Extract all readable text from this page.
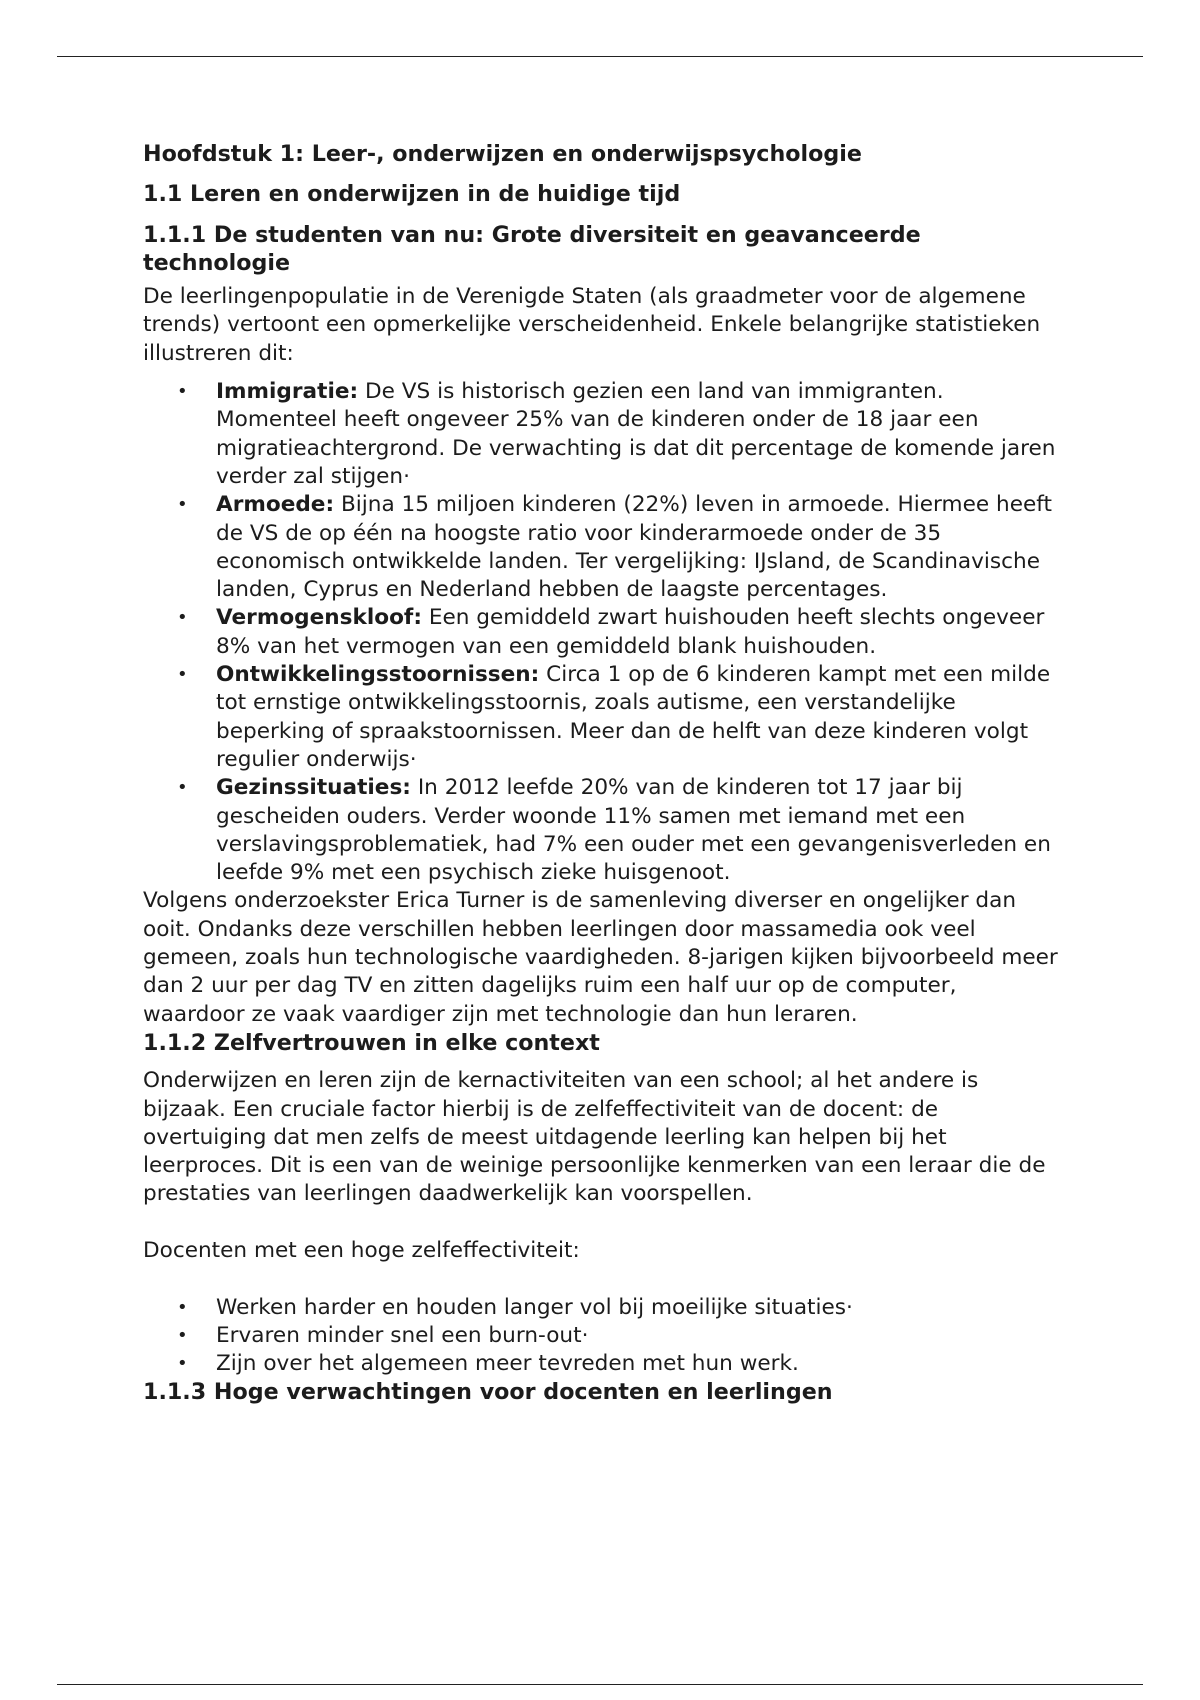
Hoofdstuk 1: Leer-, onderwijzen en onderwijspsychologie
1.1 Leren en onderwijzen in de huidige tijd
1.1.1 De studenten van nu: Grote diversiteit en geavanceerde technologie

De leerlingenpopulatie in de Verenigde Staten (als graadmeter voor de algemene trends) vertoont een opmerkelijke verscheidenheid. Enkele belangrijke statistieken illustreren dit:

• Immigratie: De VS is historisch gezien een land van immigranten. Momenteel heeft ongeveer 25% van de kinderen onder de 18 jaar een migratieachtergrond. De verwachting is dat dit percentage de komende jaren verder zal stijgen·
• Armoede: Bijna 15 miljoen kinderen (22%) leven in armoede. Hiermee heeft de VS de op één na hoogste ratio voor kinderarmoede onder de 35 economisch ontwikkelde landen. Ter vergelijking: IJsland, de Scandinavische landen, Cyprus en Nederland hebben de laagste percentages.
• Vermogenskloof: Een gemiddeld zwart huishouden heeft slechts ongeveer 8% van het vermogen van een gemiddeld blank huishouden.
• Ontwikkelingsstoornissen: Circa 1 op de 6 kinderen kampt met een milde tot ernstige ontwikkelingsstoornis, zoals autisme, een verstandelijke beperking of spraakstoornissen. Meer dan de helft van deze kinderen volgt regulier onderwijs·
• Gezinssituaties: In 2012 leefde 20% van de kinderen tot 17 jaar bij gescheiden ouders. Verder woonde 11% samen met iemand met een verslavingsproblematiek, had 7% een ouder met een gevangenisverleden en leefde 9% met een psychisch zieke huisgenoot.

Volgens onderzoekster Erica Turner is de samenleving diverser en ongelijker dan ooit. Ondanks deze verschillen hebben leerlingen door massamedia ook veel gemeen, zoals hun technologische vaardigheden. 8-jarigen kijken bijvoorbeeld meer dan 2 uur per dag TV en zitten dagelijks ruim een half uur op de computer, waardoor ze vaak vaardiger zijn met technologie dan hun leraren.

1.1.2 Zelfvertrouwen in elke context

Onderwijzen en leren zijn de kernactiviteiten van een school; al het andere is bijzaak. Een cruciale factor hierbij is de zelfeffectiviteit van de docent: de overtuiging dat men zelfs de meest uitdagende leerling kan helpen bij het leerproces. Dit is een van de weinige persoonlijke kenmerken van een leraar die de prestaties van leerlingen daadwerkelijk kan voorspellen.

Docenten met een hoge zelfeffectiviteit:

• Werken harder en houden langer vol bij moeilijke situaties·
• Ervaren minder snel een burn-out·
• Zijn over het algemeen meer tevreden met hun werk.
1.1.3 Hoge verwachtingen voor docenten en leerlingen
